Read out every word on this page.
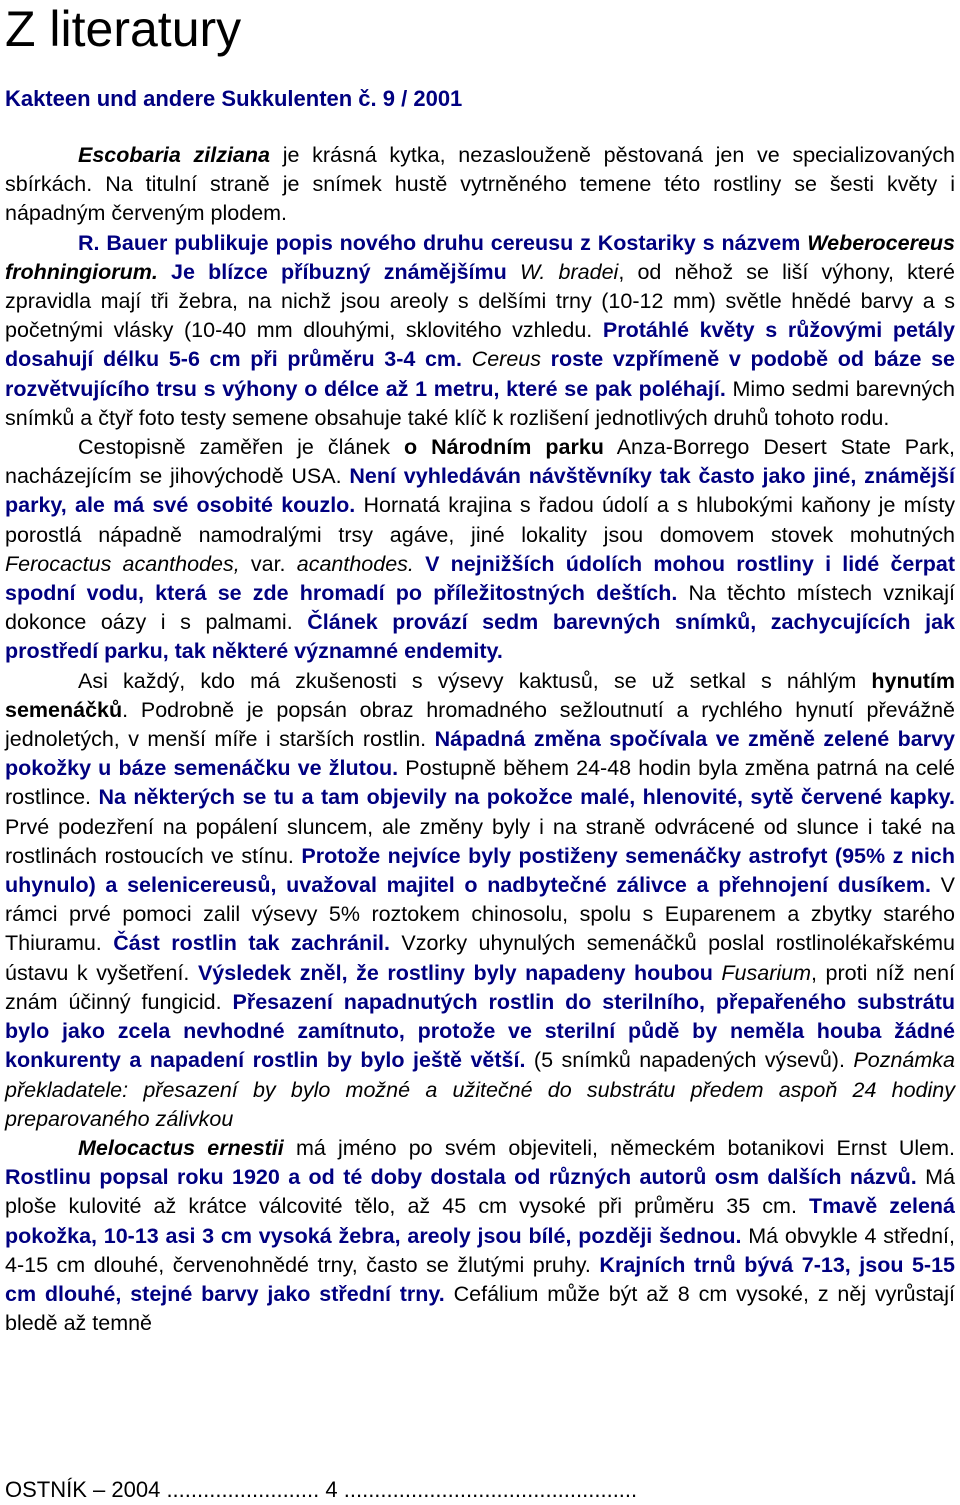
Z literatury
Kakteen und andere Sukkulenten č. 9 / 2001

Escobaria zilziana je krásná kytka, nezaslouženě pěstovaná jen ve specializovaných sbírkách. Na titulní straně je snímek hustě vytrněného temene této rostliny se šesti květy i nápadným červeným plodem.

R. Bauer publikuje popis nového druhu cereusu z Kostariky s názvem Weberocereus frohningiorum. Je blízce příbuzný známějšímu W. bradei, od něhož se liší výhony, které zpravidla mají tři žebra, na nichž jsou areoly s delšími trny (10-12 mm) světle hnědé barvy a s početnými vlásky (10-40 mm dlouhými, sklovitého vzhledu. Protáhlé květy s růžovými petály dosahují délku 5-6 cm při průměru 3-4 cm. Cereus roste vzpřímeně v podobě od báze se rozvětvujícího trsu s výhony o délce až 1 metru, které se pak poléhají. Mimo sedmi barevných snímků a čtyř foto testy semene obsahuje také klíč k rozlišení jednotlivých druhů tohoto rodu.

Cestopisně zaměřen je článek o Národním parku Anza-Borrego Desert State Park, nacházejícím se jihovýchodě USA. Není vyhledáván návštěvníky tak často jako jiné, známější parky, ale má své osobité kouzlo. Hornatá krajina s řadou údolí a s hlubokými kaňony je místy porostlá nápadně namodralými trsy agáve, jiné lokality jsou domovem stovek mohutných Ferocactus acanthodes, var. acanthodes. V nejnižších údolích mohou rostliny i lidé čerpat spodní vodu, která se zde hromadí po příležitostných deštích. Na těchto místech vznikají dokonce oázy i s palmami. Článek provází sedm barevných snímků, zachycujících jak prostředí parku, tak některé významné endemity.

Asi každý, kdo má zkušenosti s výsevy kaktusů, se už setkal s náhlým hynutím semenáčků. Podrobně je popsán obraz hromadného sežloutnutí a rychlého hynutí převážně jednoletých, v menší míře i starších rostlin. Nápadná změna spočívala ve změně zelené barvy pokožky u báze semenáčku ve žlutou. Postupně během 24-48 hodin byla změna patrná na celé rostlince. Na některých se tu a tam objevily na pokožce malé, hlenovité, sytě červené kapky. Prvé podezření na popálení sluncem, ale změny byly i na straně odvrácené od slunce i také na rostlinách rostoucích ve stínu. Protože nejvíce byly postiženy semenáčky astrofyt (95% z nich uhynulo) a selenicereusů, uvažoval majitel o nadbytečné zálivce a přehnojení dusíkem. V rámci prvé pomoci zalil výsevy 5% roztokem chinosolu, spolu s Euparenem a zbytky starého Thiuramu. Část rostlin tak zachránil. Vzorky uhynulých semenáčků poslal rostlinolékařskému ústavu k vyšetření. Výsledek zněl, že rostliny byly napadeny houbou Fusarium, proti níž není znám účinný fungicid. Přesazení napadnutých rostlin do sterilního, přepařeného substrátu bylo jako zcela nevhodné zamítnuto, protože ve sterilní půdě by neměla houba žádné konkurenty a napadení rostlin by bylo ještě větší. (5 snímků napadených výsevů). Poznámka překladatele: přesazení by bylo možné a užitečné do substrátu předem aspoň 24 hodiny preparovaného zálivkou

Melocactus ernestii má jméno po svém objeviteli, německém botanikovi Ernst Ulem. Rostlinu popsal roku 1920 a od té doby dostala od různých autorů osm dalších názvů. Má ploše kulovité až krátce válcovité tělo, až 45 cm vysoké při průměru 35 cm. Tmavě zelená pokožka, 10-13 asi 3 cm vysoká žebra, areoly jsou bílé, později šednou. Má obvykle 4 střední, 4-15 cm dlouhé, červenohnědé trny, často se žlutými pruhy. Krajních trnů bývá 7-13, jsou 5-15 cm dlouhé, stejné barvy jako střední trny. Cefálium může být až 8 cm vysoké, z něj vyrůstají bledě až temně

OSTNÍK – 2004 ......................... 4 ................................................
